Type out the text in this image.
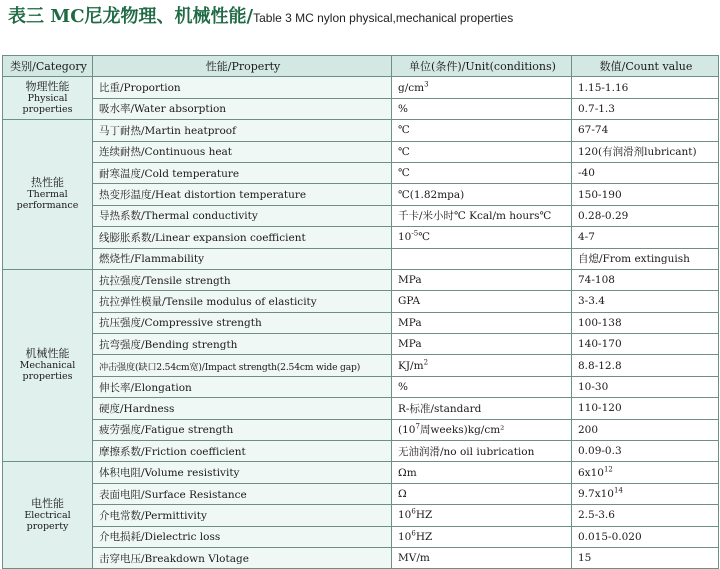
表三 MC尼龙物理、机械性能/Table 3 MC nylon physical,mechanical properties
类别/Category	性能/Property	单位(条件)/Unit(conditions)	数值/Count value

物理性能
Physical properties	比重/Proportion	$g/cm^3$	1.15-1.16
	吸水率/Water absorption	%	0.7-1.3

热性能
Thermal performance	马丁耐热/Martin heatproof	℃	67-74
	连续耐热/Continuous heat	℃	120(有润滑剂lubricant)
	耐寒温度/Cold temperature	℃	-40
	热变形温度/Heat distortion temperature	℃(1.82mpa)	150-190
	导热系数/Thermal conductivity	千卡/米小时℃ Kcal/m hours℃	0.28-0.29
	线膨胀系数/Linear expansion coefficient	$10^{-5}℃$	4-7
	燃烧性/Flammability		自熄/From extinguish

机械性能
Mechanical properties	抗拉强度/Tensile strength	MPa	74-108
	抗拉弹性模量/Tensile modulus of elasticity	GPA	3-3.4
	抗压强度/Compressive strength	MPa	100-138
	抗弯强度/Bending strength	MPa	140-170
	冲击强度(缺口2.54cm宽)/Impact strength(2.54cm wide gap)	$KJ/m^2$	8.8-12.8
	伸长率/Elongation	%	10-30
	硬度/Hardness	R-标准/standard	110-120
	疲劳强度/Fatigue strength	($10^7$周weeks)kg/cm²	200
	摩擦系数/Friction coefficient	无油润滑/no oil iubrication	0.09-0.3

电性能
Electrical property	体积电阻/Volume resistivity	Ωm	$6x10^{12}$
	表面电阻/Surface Resistance	Ω	$9.7x10^{14}$
	介电常数/Permittivity	$10^6HZ$	2.5-3.6
	介电损耗/Dielectric loss	$10^6HZ$	0.015-0.020
	击穿电压/Breakdown Vlotage	MV/m	15
